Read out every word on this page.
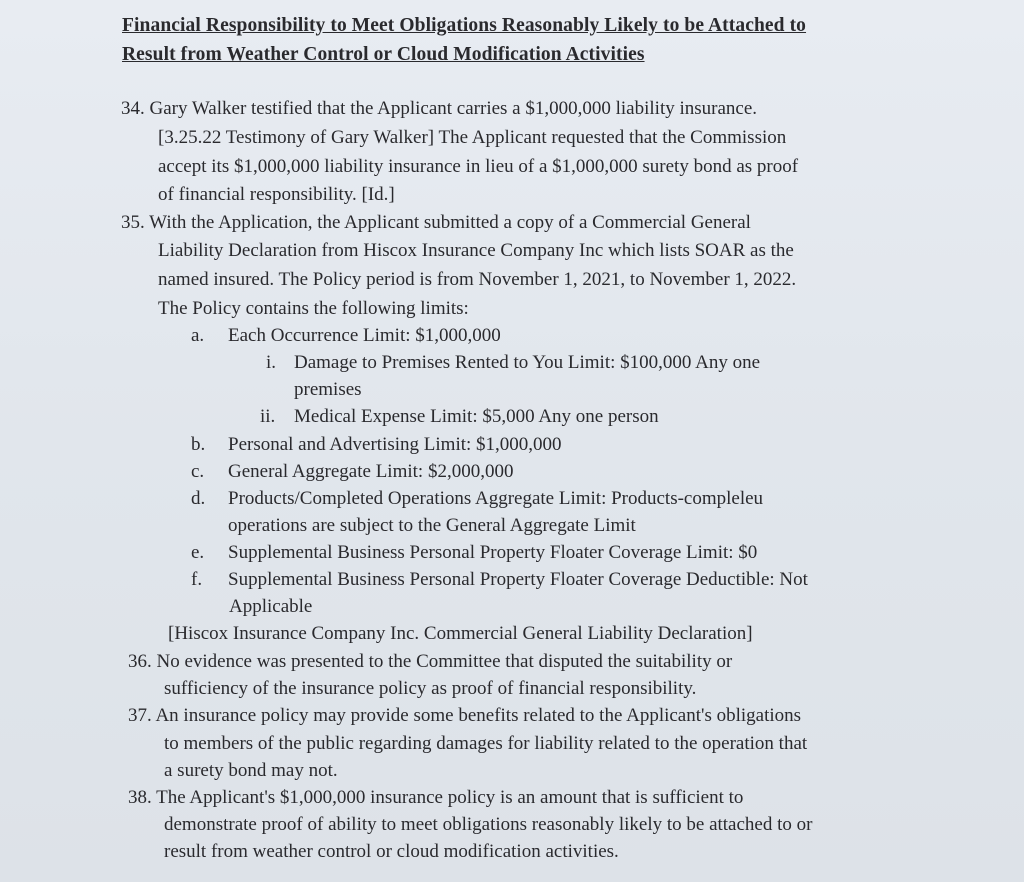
Financial Responsibility to Meet Obligations Reasonably Likely to be Attached to
Result from Weather Control or Cloud Modification Activities
34. Gary Walker testified that the Applicant carries a $1,000,000 liability insurance.
[3.25.22 Testimony of Gary Walker] The Applicant requested that the Commission
accept its $1,000,000 liability insurance in lieu of a $1,000,000 surety bond as proof
of financial responsibility. [Id.]
35. With the Application, the Applicant submitted a copy of a Commercial General
Liability Declaration from Hiscox Insurance Company Inc which lists SOAR as the
named insured. The Policy period is from November 1, 2021, to November 1, 2022.
The Policy contains the following limits:
a. Each Occurrence Limit: $1,000,000
i. Damage to Premises Rented to You Limit: $100,000 Any one
premises
ii. Medical Expense Limit: $5,000 Any one person
b. Personal and Advertising Limit: $1,000,000
c. General Aggregate Limit: $2,000,000
d. Products/Completed Operations Aggregate Limit: Products-compleleu
operations are subject to the General Aggregate Limit
e. Supplemental Business Personal Property Floater Coverage Limit: $0
f. Supplemental Business Personal Property Floater Coverage Deductible: Not
Applicable
[Hiscox Insurance Company Inc. Commercial General Liability Declaration]
36. No evidence was presented to the Committee that disputed the suitability or
sufficiency of the insurance policy as proof of financial responsibility.
37. An insurance policy may provide some benefits related to the Applicant's obligations
to members of the public regarding damages for liability related to the operation that
a surety bond may not.
38. The Applicant's $1,000,000 insurance policy is an amount that is sufficient to
demonstrate proof of ability to meet obligations reasonably likely to be attached to or
result from weather control or cloud modification activities.
